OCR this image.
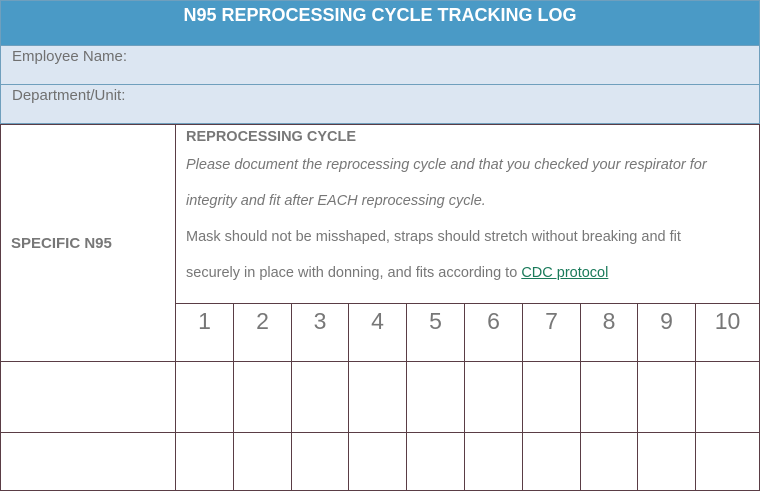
N95 REPROCESSING CYCLE TRACKING LOG
Employee Name:
Department/Unit:
SPECIFIC N95	REPROCESSING CYCLE
Please document the reprocessing cycle and that you checked your respirator for
integrity and fit after EACH reprocessing cycle.
Mask should not be misshaped, straps should stretch without breaking and fit
securely in place with donning, and fits according to CDC protocol									

	1	2	3	4	5	6	7	8	9	10
